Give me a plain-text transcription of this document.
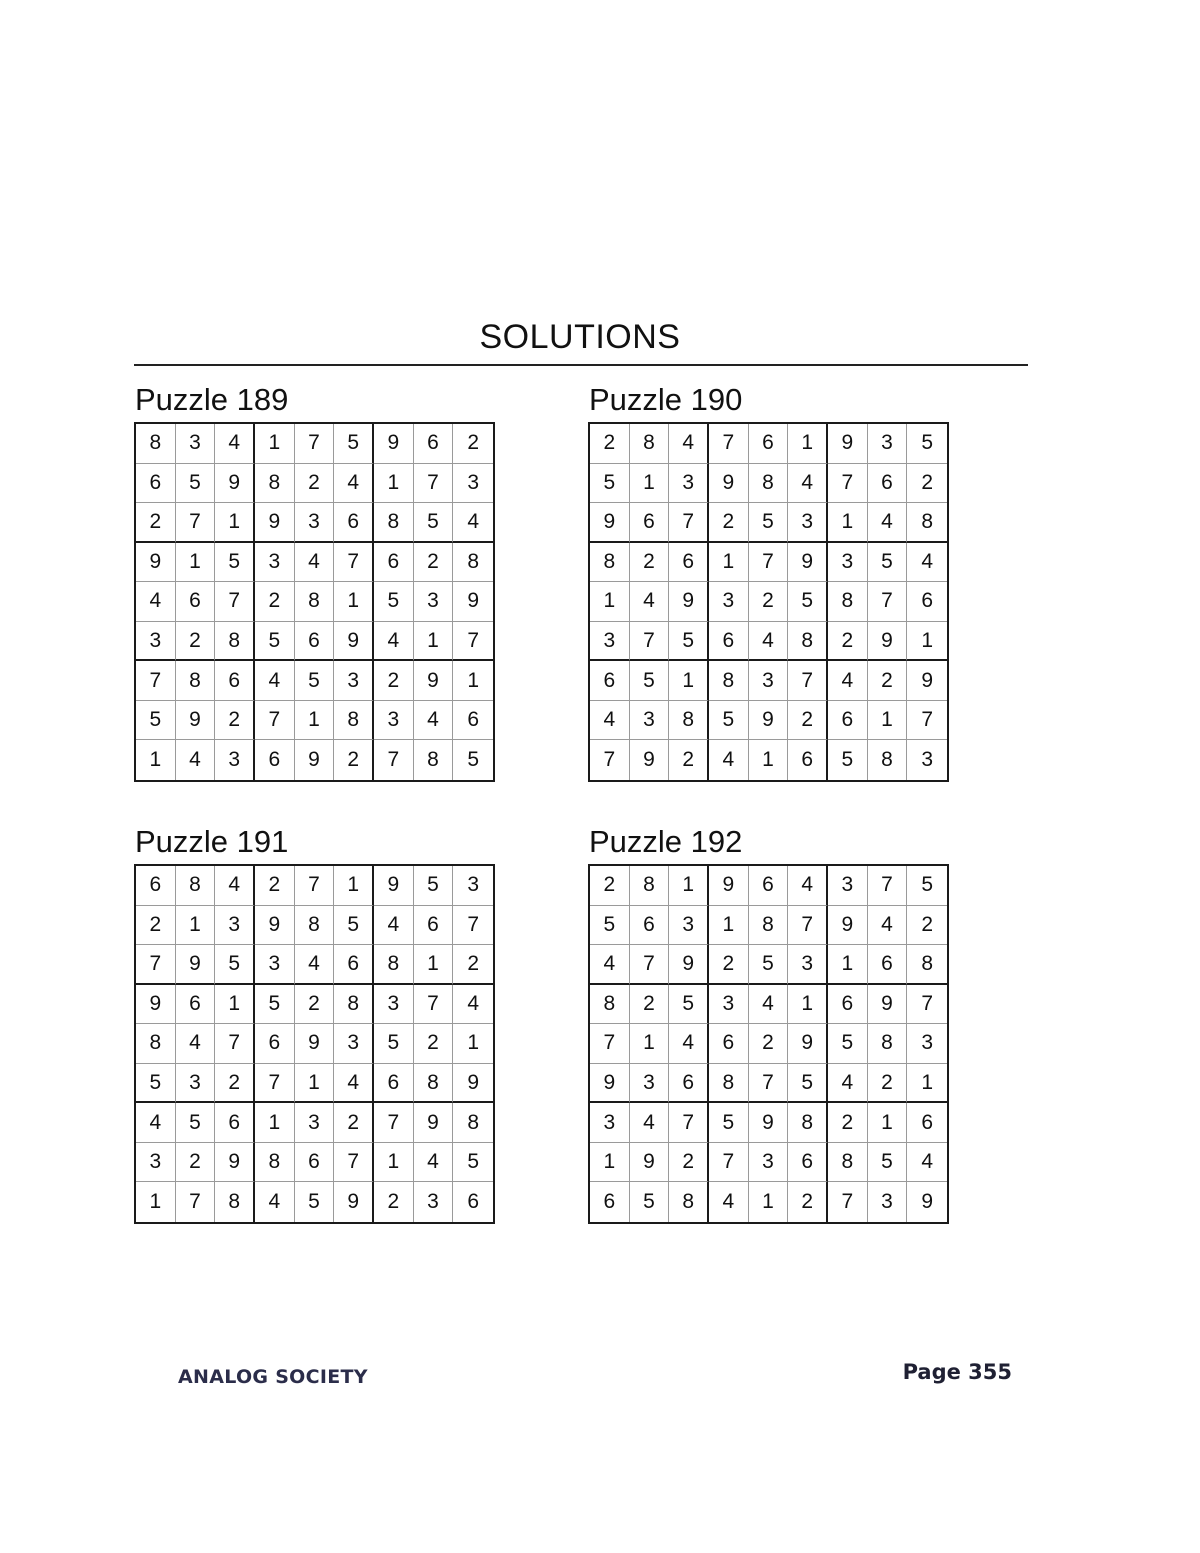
SOLUTIONS
Puzzle 189
8	3	4	1	7	5	9	6	2
6	5	9	8	2	4	1	7	3
2	7	1	9	3	6	8	5	4
9	1	5	3	4	7	6	2	8
4	6	7	2	8	1	5	3	9
3	2	8	5	6	9	4	1	7
7	8	6	4	5	3	2	9	1
5	9	2	7	1	8	3	4	6
1	4	3	6	9	2	7	8	5
Puzzle 190
2	8	4	7	6	1	9	3	5
5	1	3	9	8	4	7	6	2
9	6	7	2	5	3	1	4	8
8	2	6	1	7	9	3	5	4
1	4	9	3	2	5	8	7	6
3	7	5	6	4	8	2	9	1
6	5	1	8	3	7	4	2	9
4	3	8	5	9	2	6	1	7
7	9	2	4	1	6	5	8	3
Puzzle 191
6	8	4	2	7	1	9	5	3
2	1	3	9	8	5	4	6	7
7	9	5	3	4	6	8	1	2
9	6	1	5	2	8	3	7	4
8	4	7	6	9	3	5	2	1
5	3	2	7	1	4	6	8	9
4	5	6	1	3	2	7	9	8
3	2	9	8	6	7	1	4	5
1	7	8	4	5	9	2	3	6
Puzzle 192
2	8	1	9	6	4	3	7	5
5	6	3	1	8	7	9	4	2
4	7	9	2	5	3	1	6	8
8	2	5	3	4	1	6	9	7
7	1	4	6	2	9	5	8	3
9	3	6	8	7	5	4	2	1
3	4	7	5	9	8	2	1	6
1	9	2	7	3	6	8	5	4
6	5	8	4	1	2	7	3	9
ANALOG SOCIETY	Page 355
